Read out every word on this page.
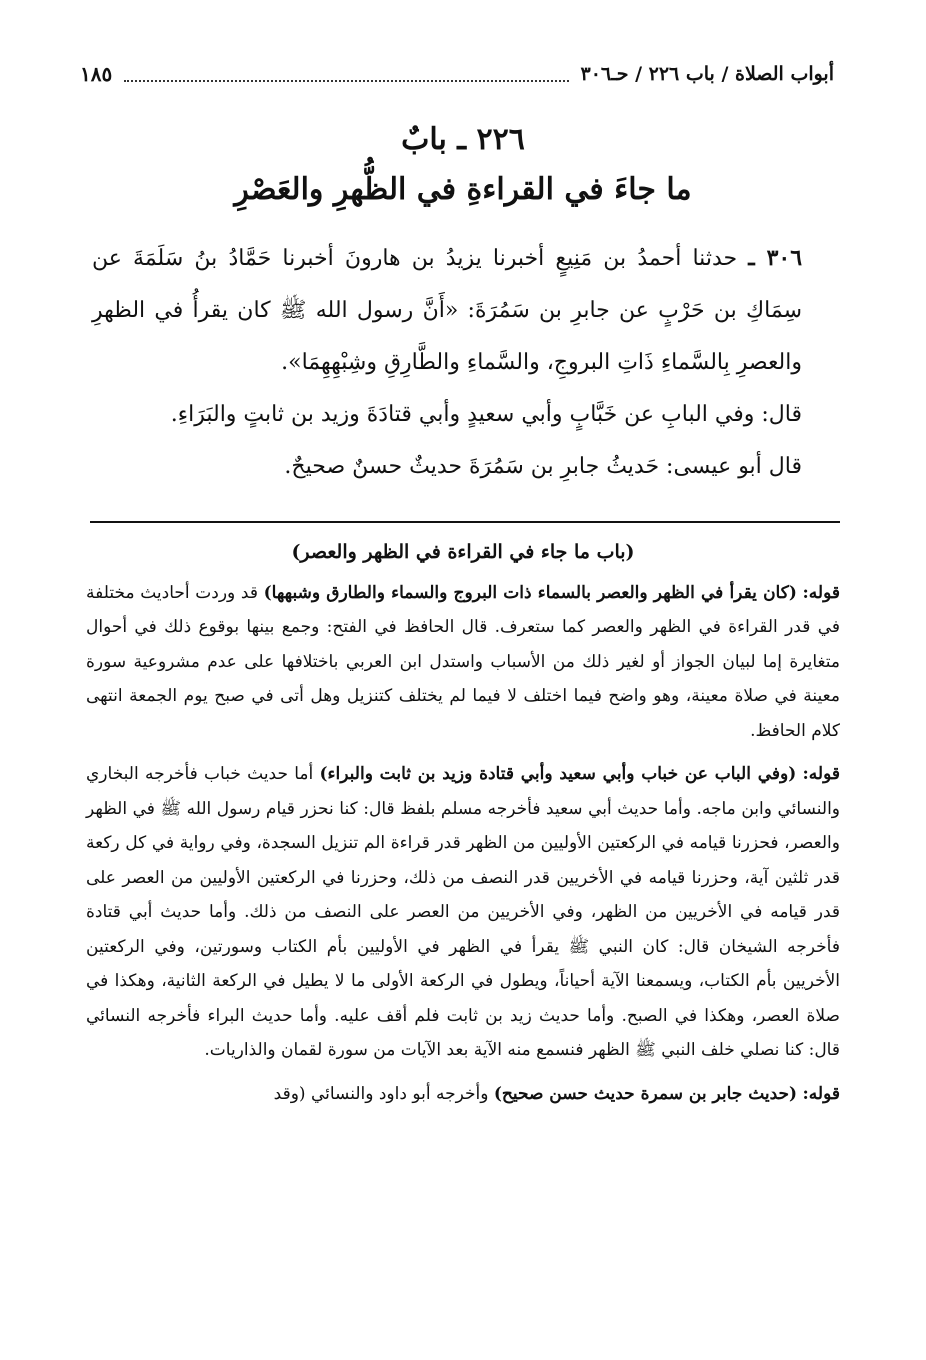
أبواب الصلاة / باب ٢٢٦ / حـ٣٠٦
١٨٥
٢٢٦ ـ بابٌ
ما جاءَ في القراءةِ في الظُّهرِ والعَصْرِ

٣٠٦ ـ حدثنا أحمدُ بن مَنِيعٍ أخبرنا يزيدُ بن هارونَ أخبرنا حَمَّادُ بنُ سَلَمَةَ عن سِمَاكِ بن حَرْبٍ عن جابرِ بن سَمُرَةَ: «أَنَّ رسول الله ﷺ كان يقرأُ في الظهرِ والعصرِ بِالسَّماءِ ذَاتِ البروجِ، والسَّماءِ والطَّارِقِ وشِبْهِهِمَا».

قال: وفي البابِ عن خَبَّابٍ وأبي سعيدٍ وأبي قتادَةَ وزيد بن ثابتٍ والبَرَاءِ.

قال أبو عيسى: حَديثُ جابرِ بن سَمُرَةَ حديثٌ حسنٌ صحيحٌ.

(باب ما جاء في القراءة في الظهر والعصر)

قوله: (كان يقرأ في الظهر والعصر بالسماء ذات البروج والسماء والطارق وشبهها) قد وردت أحاديث مختلفة في قدر القراءة في الظهر والعصر كما ستعرف. قال الحافظ في الفتح: وجمع بينها بوقوع ذلك في أحوال متغايرة إما لبيان الجواز أو لغير ذلك من الأسباب واستدل ابن العربي باختلافها على عدم مشروعية سورة معينة في صلاة معينة، وهو واضح فيما اختلف لا فيما لم يختلف كتنزيل وهل أتى في صبح يوم الجمعة انتهى كلام الحافظ.

قوله: (وفي الباب عن خباب وأبي سعيد وأبي قتادة وزيد بن ثابت والبراء) أما حديث خباب فأخرجه البخاري والنسائي وابن ماجه. وأما حديث أبي سعيد فأخرجه مسلم بلفظ قال: كنا نحزر قيام رسول الله ﷺ في الظهر والعصر، فحزرنا قيامه في الركعتين الأوليين من الظهر قدر قراءة الم تنزيل السجدة، وفي رواية في كل ركعة قدر ثلثين آية، وحزرنا قيامه في الأخريين قدر النصف من ذلك، وحزرنا في الركعتين الأوليين من العصر على قدر قيامه في الأخريين من الظهر، وفي الأخريين من العصر على النصف من ذلك. وأما حديث أبي قتادة فأخرجه الشيخان قال: كان النبي ﷺ يقرأ في الظهر في الأوليين بأم الكتاب وسورتين، وفي الركعتين الأخريين بأم الكتاب، ويسمعنا الآية أحياناً، ويطول في الركعة الأولى ما لا يطيل في الركعة الثانية، وهكذا في صلاة العصر، وهكذا في الصبح. وأما حديث زيد بن ثابت فلم أقف عليه. وأما حديث البراء فأخرجه النسائي قال: كنا نصلي خلف النبي ﷺ الظهر فنسمع منه الآية بعد الآيات من سورة لقمان والذاريات.

قوله: (حديث جابر بن سمرة حديث حسن صحيح) وأخرجه أبو داود والنسائي (وقد
